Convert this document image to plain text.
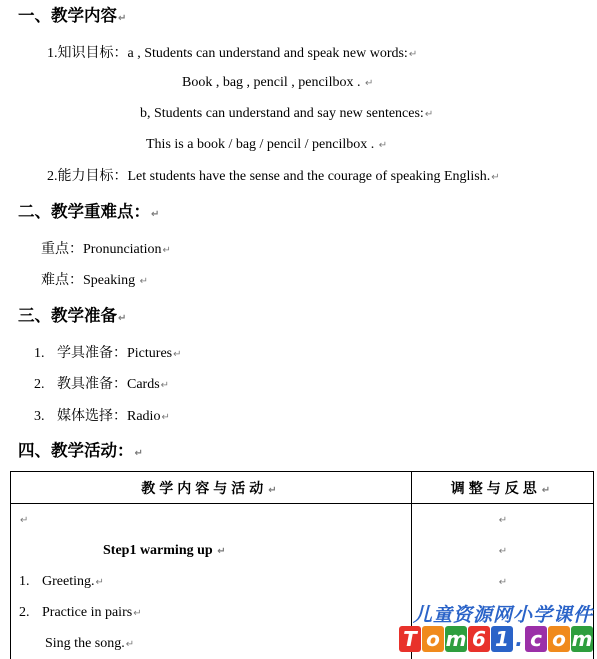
一、教学内容↵
1.知识目标：a , Students can understand and speak new words:↵
Book , bag , pencil , pencilbox . ↵
b, Students can understand and say new sentences:↵
This is a book / bag / pencil / pencilbox . ↵
2.能力目标：Let students have the sense and the courage of speaking English.↵
二、教学重难点：↵
重点：Pronunciation↵
难点：Speaking ↵
三、教学准备↵
1. 学具准备：Pictures↵
2. 教具准备：Cards↵
3. 媒体选择：Radio↵
四、教学活动：↵
教学内容与活动↵	调整与反思↵
↵	↵
Step1 warming up ↵	↵
1. Greeting.↵	↵
2. Practice in pairs↵	
Sing the song.↵	
儿童资源网小学课件
T o m 6 1 . c o m
